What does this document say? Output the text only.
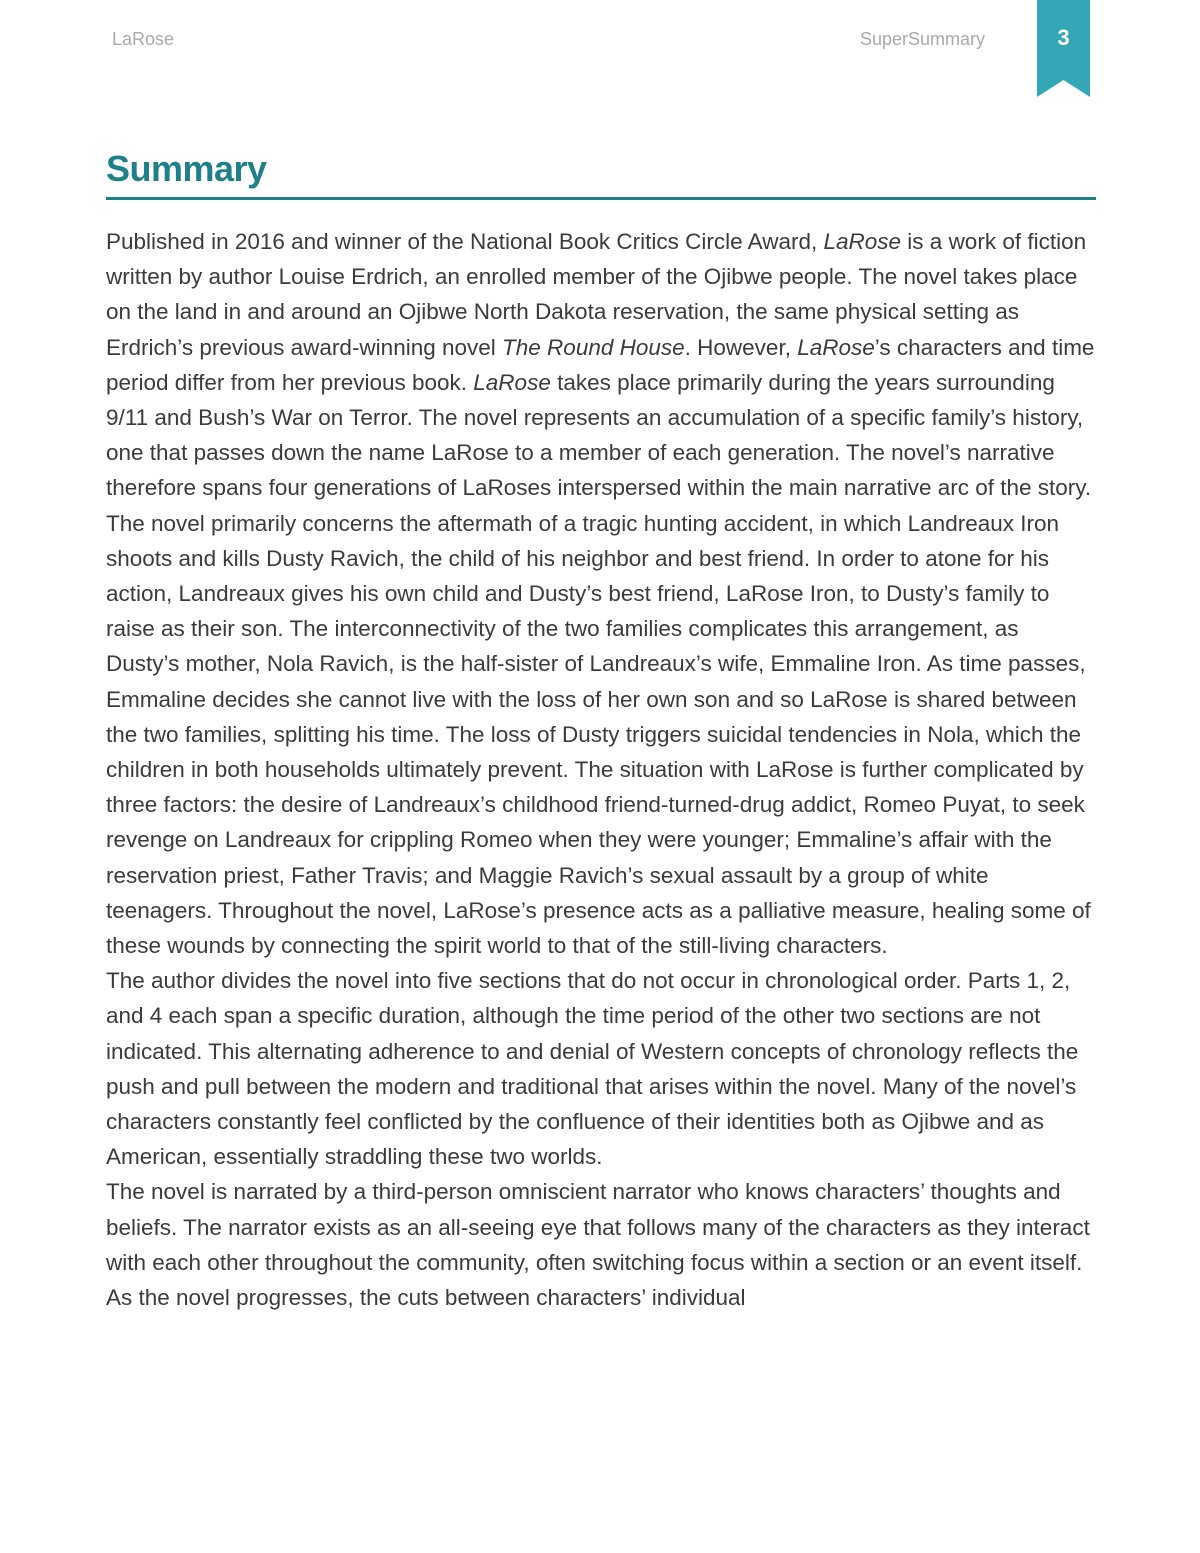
LaRose	SuperSummary	3
Summary

Published in 2016 and winner of the National Book Critics Circle Award, LaRose is a work of fiction written by author Louise Erdrich, an enrolled member of the Ojibwe people. The novel takes place on the land in and around an Ojibwe North Dakota reservation, the same physical setting as Erdrich’s previous award-winning novel The Round House. However, LaRose’s characters and time period differ from her previous book. LaRose takes place primarily during the years surrounding 9/11 and Bush’s War on Terror. The novel represents an accumulation of a specific family’s history, one that passes down the name LaRose to a member of each generation. The novel’s narrative therefore spans four generations of LaRoses interspersed within the main narrative arc of the story.

The novel primarily concerns the aftermath of a tragic hunting accident, in which Landreaux Iron shoots and kills Dusty Ravich, the child of his neighbor and best friend. In order to atone for his action, Landreaux gives his own child and Dusty’s best friend, LaRose Iron, to Dusty’s family to raise as their son. The interconnectivity of the two families complicates this arrangement, as Dusty’s mother, Nola Ravich, is the half-sister of Landreaux’s wife, Emmaline Iron. As time passes, Emmaline decides she cannot live with the loss of her own son and so LaRose is shared between the two families, splitting his time. The loss of Dusty triggers suicidal tendencies in Nola, which the children in both households ultimately prevent. The situation with LaRose is further complicated by three factors: the desire of Landreaux’s childhood friend-turned-drug addict, Romeo Puyat, to seek revenge on Landreaux for crippling Romeo when they were younger; Emmaline’s affair with the reservation priest, Father Travis; and Maggie Ravich’s sexual assault by a group of white teenagers. Throughout the novel, LaRose’s presence acts as a palliative measure, healing some of these wounds by connecting the spirit world to that of the still-living characters.

The author divides the novel into five sections that do not occur in chronological order. Parts 1, 2, and 4 each span a specific duration, although the time period of the other two sections are not indicated. This alternating adherence to and denial of Western concepts of chronology reflects the push and pull between the modern and traditional that arises within the novel. Many of the novel’s characters constantly feel conflicted by the confluence of their identities both as Ojibwe and as American, essentially straddling these two worlds.

The novel is narrated by a third-person omniscient narrator who knows characters’ thoughts and beliefs. The narrator exists as an all-seeing eye that follows many of the characters as they interact with each other throughout the community, often switching focus within a section or an event itself. As the novel progresses, the cuts between characters’ individual
